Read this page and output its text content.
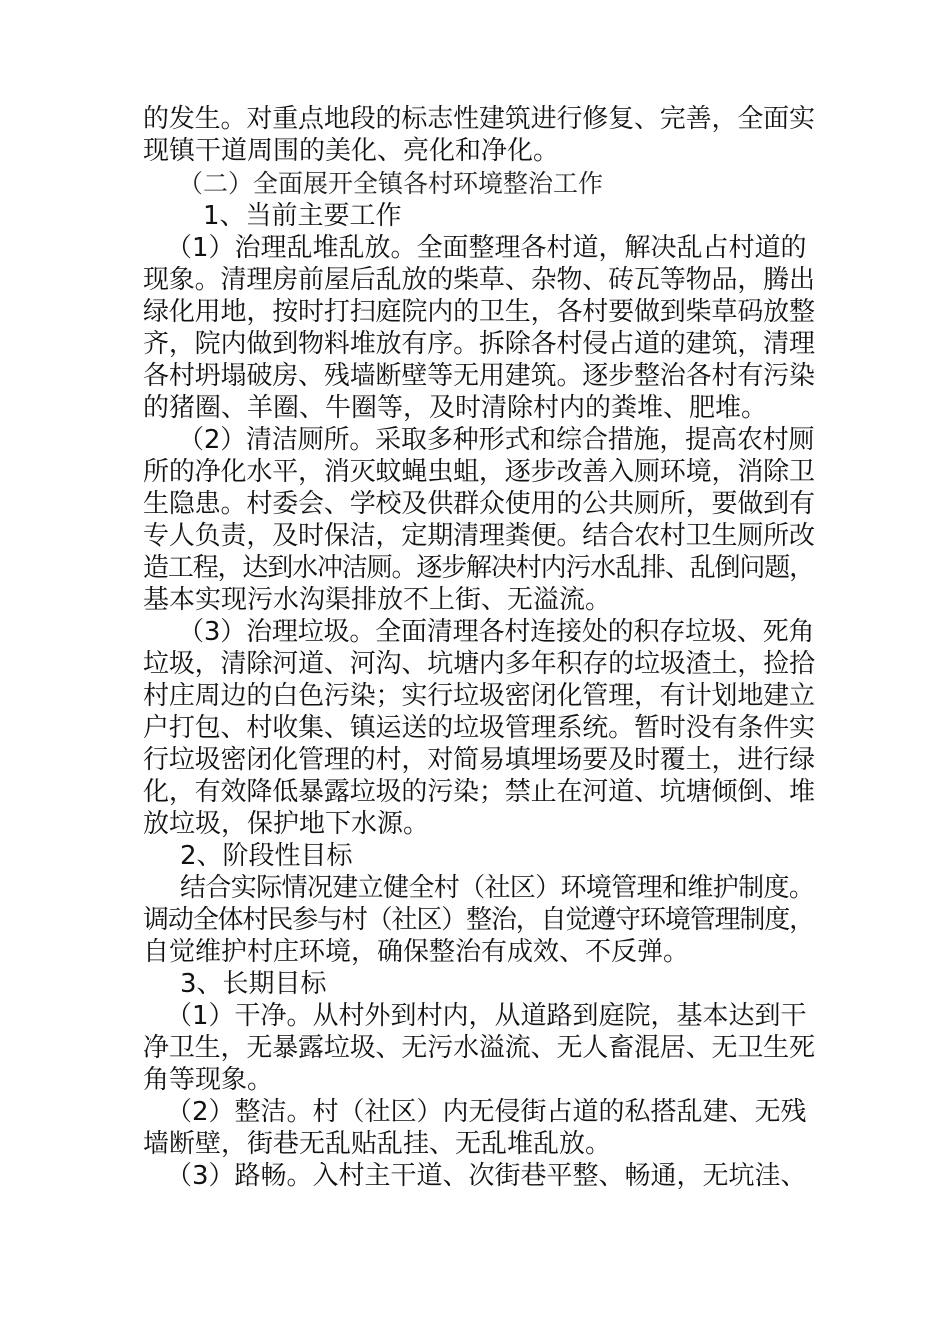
的发生。对重点地段的标志性建筑进行修复、完善，全面实
现镇干道周围的美化、亮化和净化。
（二）全面展开全镇各村环境整治工作
1、当前主要工作
（1）治理乱堆乱放。全面整理各村道，解决乱占村道的
现象。清理房前屋后乱放的柴草、杂物、砖瓦等物品，腾出
绿化用地，按时打扫庭院内的卫生，各村要做到柴草码放整
齐，院内做到物料堆放有序。拆除各村侵占道的建筑，清理
各村坍塌破房、残墙断壁等无用建筑。逐步整治各村有污染
的猪圈、羊圈、牛圈等，及时清除村内的粪堆、肥堆。
（2）清洁厕所。采取多种形式和综合措施，提高农村厕
所的净化水平，消灭蚊蝇虫蛆，逐步改善入厕环境，消除卫
生隐患。村委会、学校及供群众使用的公共厕所，要做到有
专人负责，及时保洁，定期清理粪便。结合农村卫生厕所改
造工程，达到水冲洁厕。逐步解决村内污水乱排、乱倒问题，
基本实现污水沟渠排放不上街、无溢流。
（3）治理垃圾。全面清理各村连接处的积存垃圾、死角
垃圾，清除河道、河沟、坑塘内多年积存的垃圾渣土，捡拾
村庄周边的白色污染；实行垃圾密闭化管理，有计划地建立
户打包、村收集、镇运送的垃圾管理系统。暂时没有条件实
行垃圾密闭化管理的村，对简易填埋场要及时覆土，进行绿
化，有效降低暴露垃圾的污染；禁止在河道、坑塘倾倒、堆
放垃圾，保护地下水源。
2、阶段性目标
结合实际情况建立健全村（社区）环境管理和维护制度。
调动全体村民参与村（社区）整治，自觉遵守环境管理制度，
自觉维护村庄环境，确保整治有成效、不反弹。
3、长期目标
（1）干净。从村外到村内，从道路到庭院，基本达到干
净卫生，无暴露垃圾、无污水溢流、无人畜混居、无卫生死
角等现象。
（2）整洁。村（社区）内无侵街占道的私搭乱建、无残
墙断壁，街巷无乱贴乱挂、无乱堆乱放。
（3）路畅。入村主干道、次街巷平整、畅通，无坑洼、
